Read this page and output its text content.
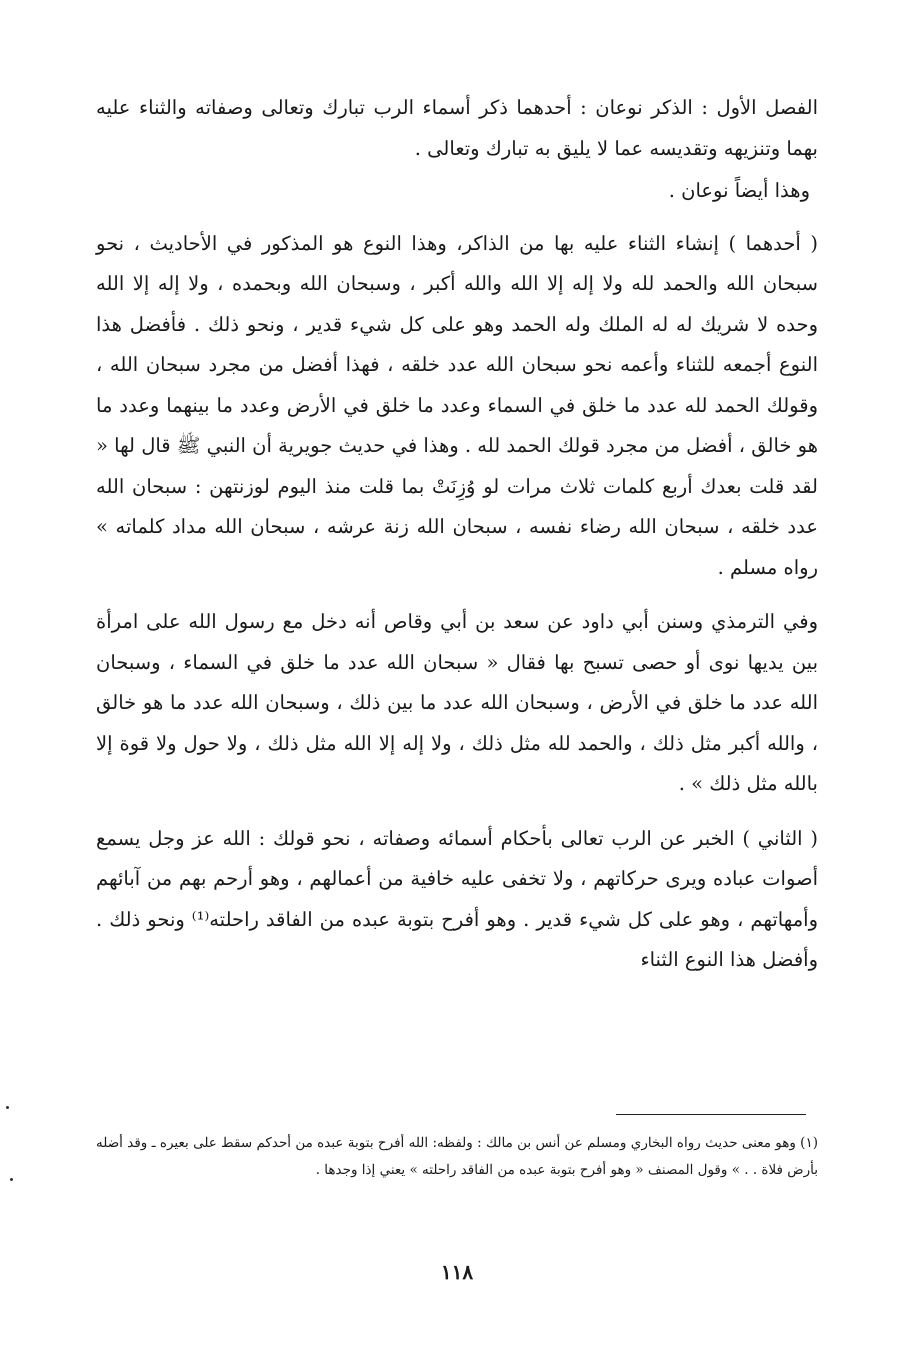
الفصل الأول : الذكر نوعان : أحدهما ذكر أسماء الرب تبارك وتعالى وصفاته والثناء عليه بهما وتنزيهه وتقديسه عما لا يليق به تبارك وتعالى .

وهذا أيضاً نوعان .

( أحدهما ) إنشاء الثناء عليه بها من الذاكر، وهذا النوع هو المذكور في الأحاديث ، نحو سبحان الله والحمد لله ولا إله إلا الله والله أكبر ، وسبحان الله وبحمده ، ولا إله إلا الله وحده لا شريك له له الملك وله الحمد وهو على كل شيء قدير ، ونحو ذلك . فأفضل هذا النوع أجمعه للثناء وأعمه نحو سبحان الله عدد خلقه ، فهذا أفضل من مجرد سبحان الله ، وقولك الحمد لله عدد ما خلق في السماء وعدد ما خلق في الأرض وعدد ما بينهما وعدد ما هو خالق ، أفضل من مجرد قولك الحمد لله . وهذا في حديث جويرية أن النبي ﷺ قال لها « لقد قلت بعدك أربع كلمات ثلاث مرات لو وُزِنَتْ بما قلت منذ اليوم لوزنتهن : سبحان الله عدد خلقه ، سبحان الله رضاء نفسه ، سبحان الله زنة عرشه ، سبحان الله مداد كلماته » رواه مسلم .

وفي الترمذي وسنن أبي داود عن سعد بن أبي وقاص أنه دخل مع رسول الله على امرأة بين يديها نوى أو حصى تسبح بها فقال « سبحان الله عدد ما خلق في السماء ، وسبحان الله عدد ما خلق في الأرض ، وسبحان الله عدد ما بين ذلك ، وسبحان الله عدد ما هو خالق ، والله أكبر مثل ذلك ، والحمد لله مثل ذلك ، ولا إله إلا الله مثل ذلك ، ولا حول ولا قوة إلا بالله مثل ذلك » .

( الثاني ) الخبر عن الرب تعالى بأحكام أسمائه وصفاته ، نحو قولك : الله عز وجل يسمع أصوات عباده ويرى حركاتهم ، ولا تخفى عليه خافية من أعمالهم ، وهو أرحم بهم من آبائهم وأمهاتهم ، وهو على كل شيء قدير . وهو أفرح بتوبة عبده من الفاقد راحلته⁽¹⁾ ونحو ذلك . وأفضل هذا النوع الثناء

(١) وهو معنى حديث رواه البخاري ومسلم عن أنس بن مالك : ولفظه: الله أفرح بتوبة عبده من أحدكم سقط على بعيره ـ وقد أضله بأرض فلاة . . » وقول المصنف « وهو أفرح بتوبة عبده من الفاقد راحلته » يعني إذا وجدها .

١١٨
